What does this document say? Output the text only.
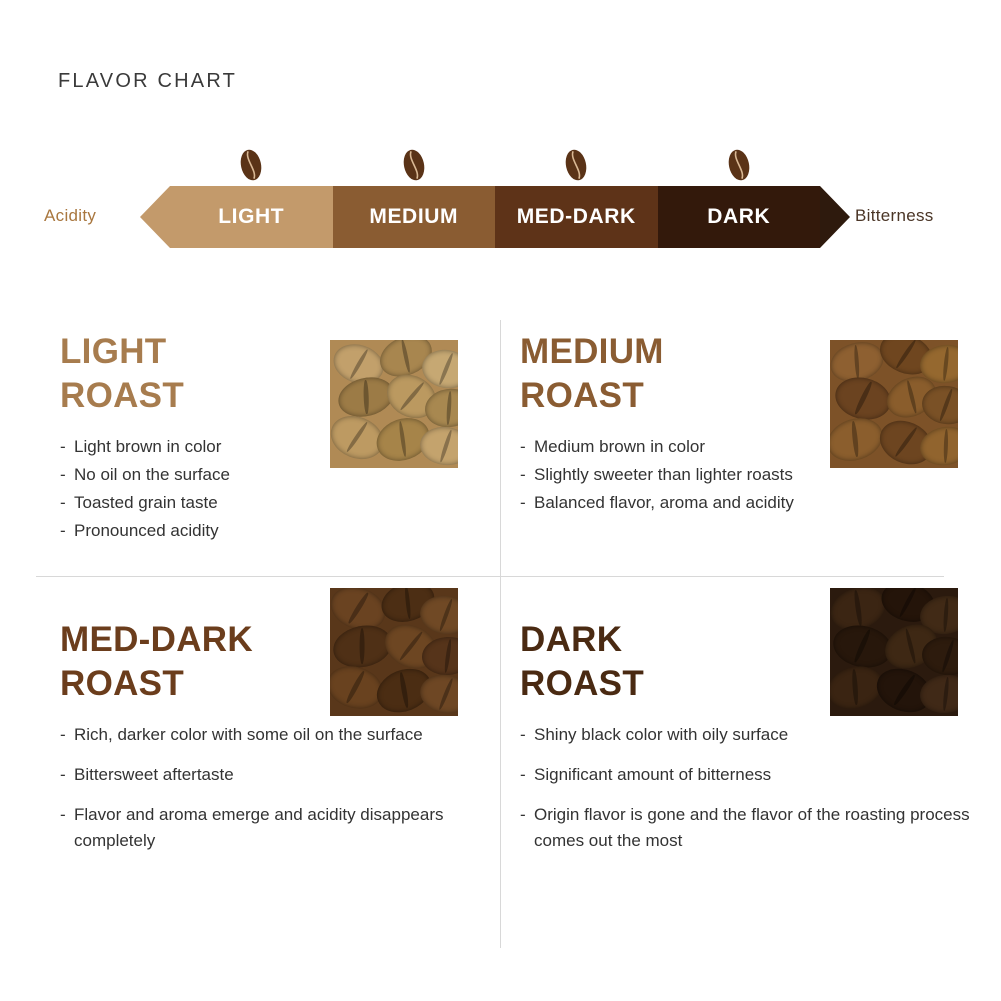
FLAVOR CHART
Acidity	Bitterness
LIGHT	MEDIUM	MED-DARK	DARK
LIGHT
ROAST
- Light brown in color
- No oil on the surface
- Toasted grain taste
- Pronounced acidity
MEDIUM
ROAST
- Medium brown in color
- Slightly sweeter than lighter roasts
- Balanced flavor, aroma and acidity
MED-DARK
ROAST
- Rich, darker color with some oil on the surface
- Bittersweet aftertaste
- Flavor and aroma emerge and acidity disappears completely
DARK
ROAST
- Shiny black color with oily surface
- Significant amount of bitterness
- Origin flavor is gone and the flavor of the roasting process comes out the most
